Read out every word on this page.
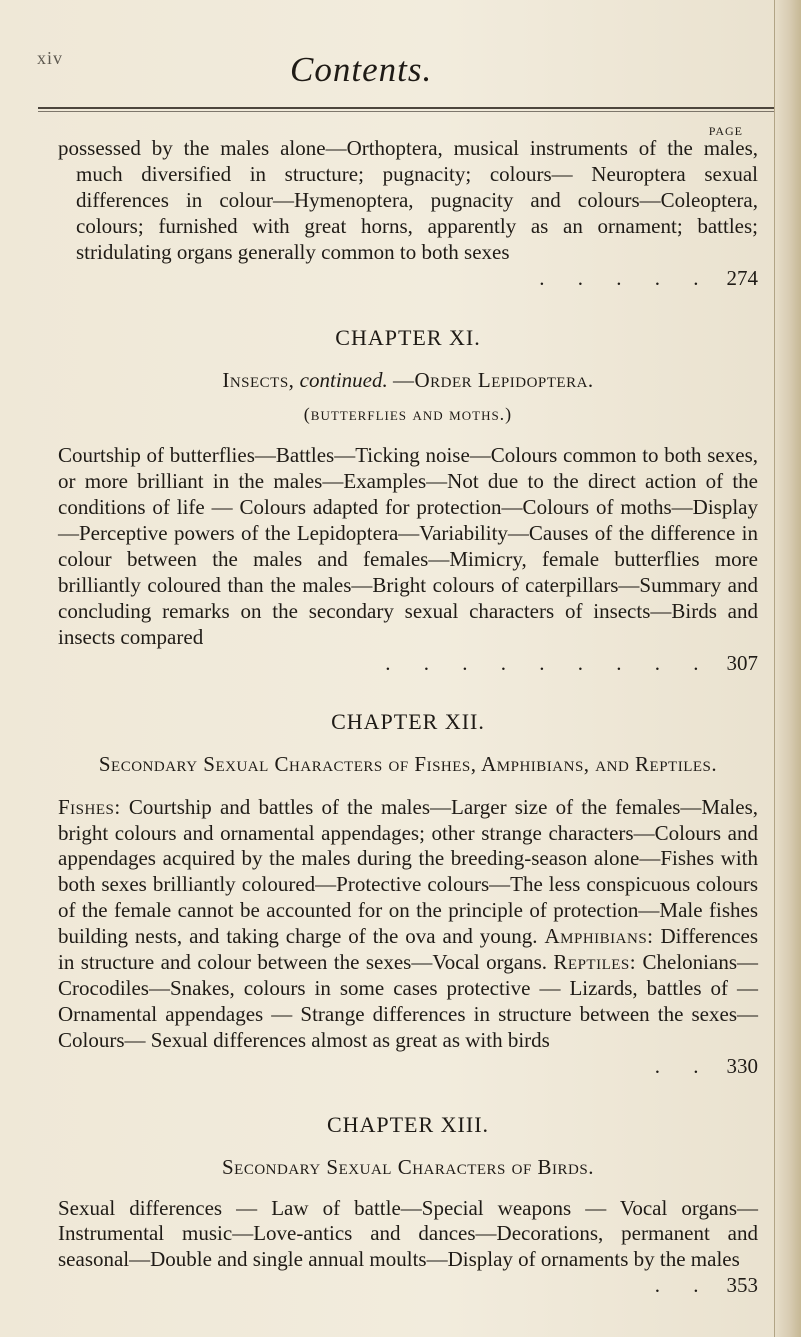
xiv	Contents.
PAGE

possessed by the males alone—Orthoptera, musical instruments of the males, much diversified in structure; pugnacity; colours— Neuroptera sexual differences in colour—Hymenoptera, pugnacity and colours—Coleoptera, colours; furnished with great horns, apparently as an ornament; battles; stridulating organs generally common to both sexes

. . . . . 274
CHAPTER XI.
Insects, continued. —Order Lepidoptera.
(butterflies and moths.)

Courtship of butterflies—Battles—Ticking noise—Colours common to both sexes, or more brilliant in the males—Examples—Not due to the direct action of the conditions of life — Colours adapted for protection—Colours of moths—Display—Perceptive powers of the Lepidoptera—Variability—Causes of the difference in colour between the males and females—Mimicry, female butterflies more brilliantly coloured than the males—Bright colours of caterpillars—Summary and concluding remarks on the secondary sexual characters of insects—Birds and insects compared

. . . . . . . . . 307
CHAPTER XII.
Secondary Sexual Characters of Fishes, Amphibians, and Reptiles.

Fishes: Courtship and battles of the males—Larger size of the females—Males, bright colours and ornamental appendages; other strange characters—Colours and appendages acquired by the males during the breeding-season alone—Fishes with both sexes brilliantly coloured—Protective colours—The less conspicuous colours of the female cannot be accounted for on the principle of protection—Male fishes building nests, and taking charge of the ova and young. Amphibians: Differences in structure and colour between the sexes—Vocal organs. Reptiles: Chelonians—Crocodiles—Snakes, colours in some cases protective — Lizards, battles of — Ornamental appendages — Strange differences in structure between the sexes—Colours— Sexual differences almost as great as with birds

. . 330
CHAPTER XIII.
Secondary Sexual Characters of Birds.

Sexual differences — Law of battle—Special weapons — Vocal organs—Instrumental music—Love-antics and dances—Decorations, permanent and seasonal—Double and single annual moults—Display of ornaments by the males

. . 353
